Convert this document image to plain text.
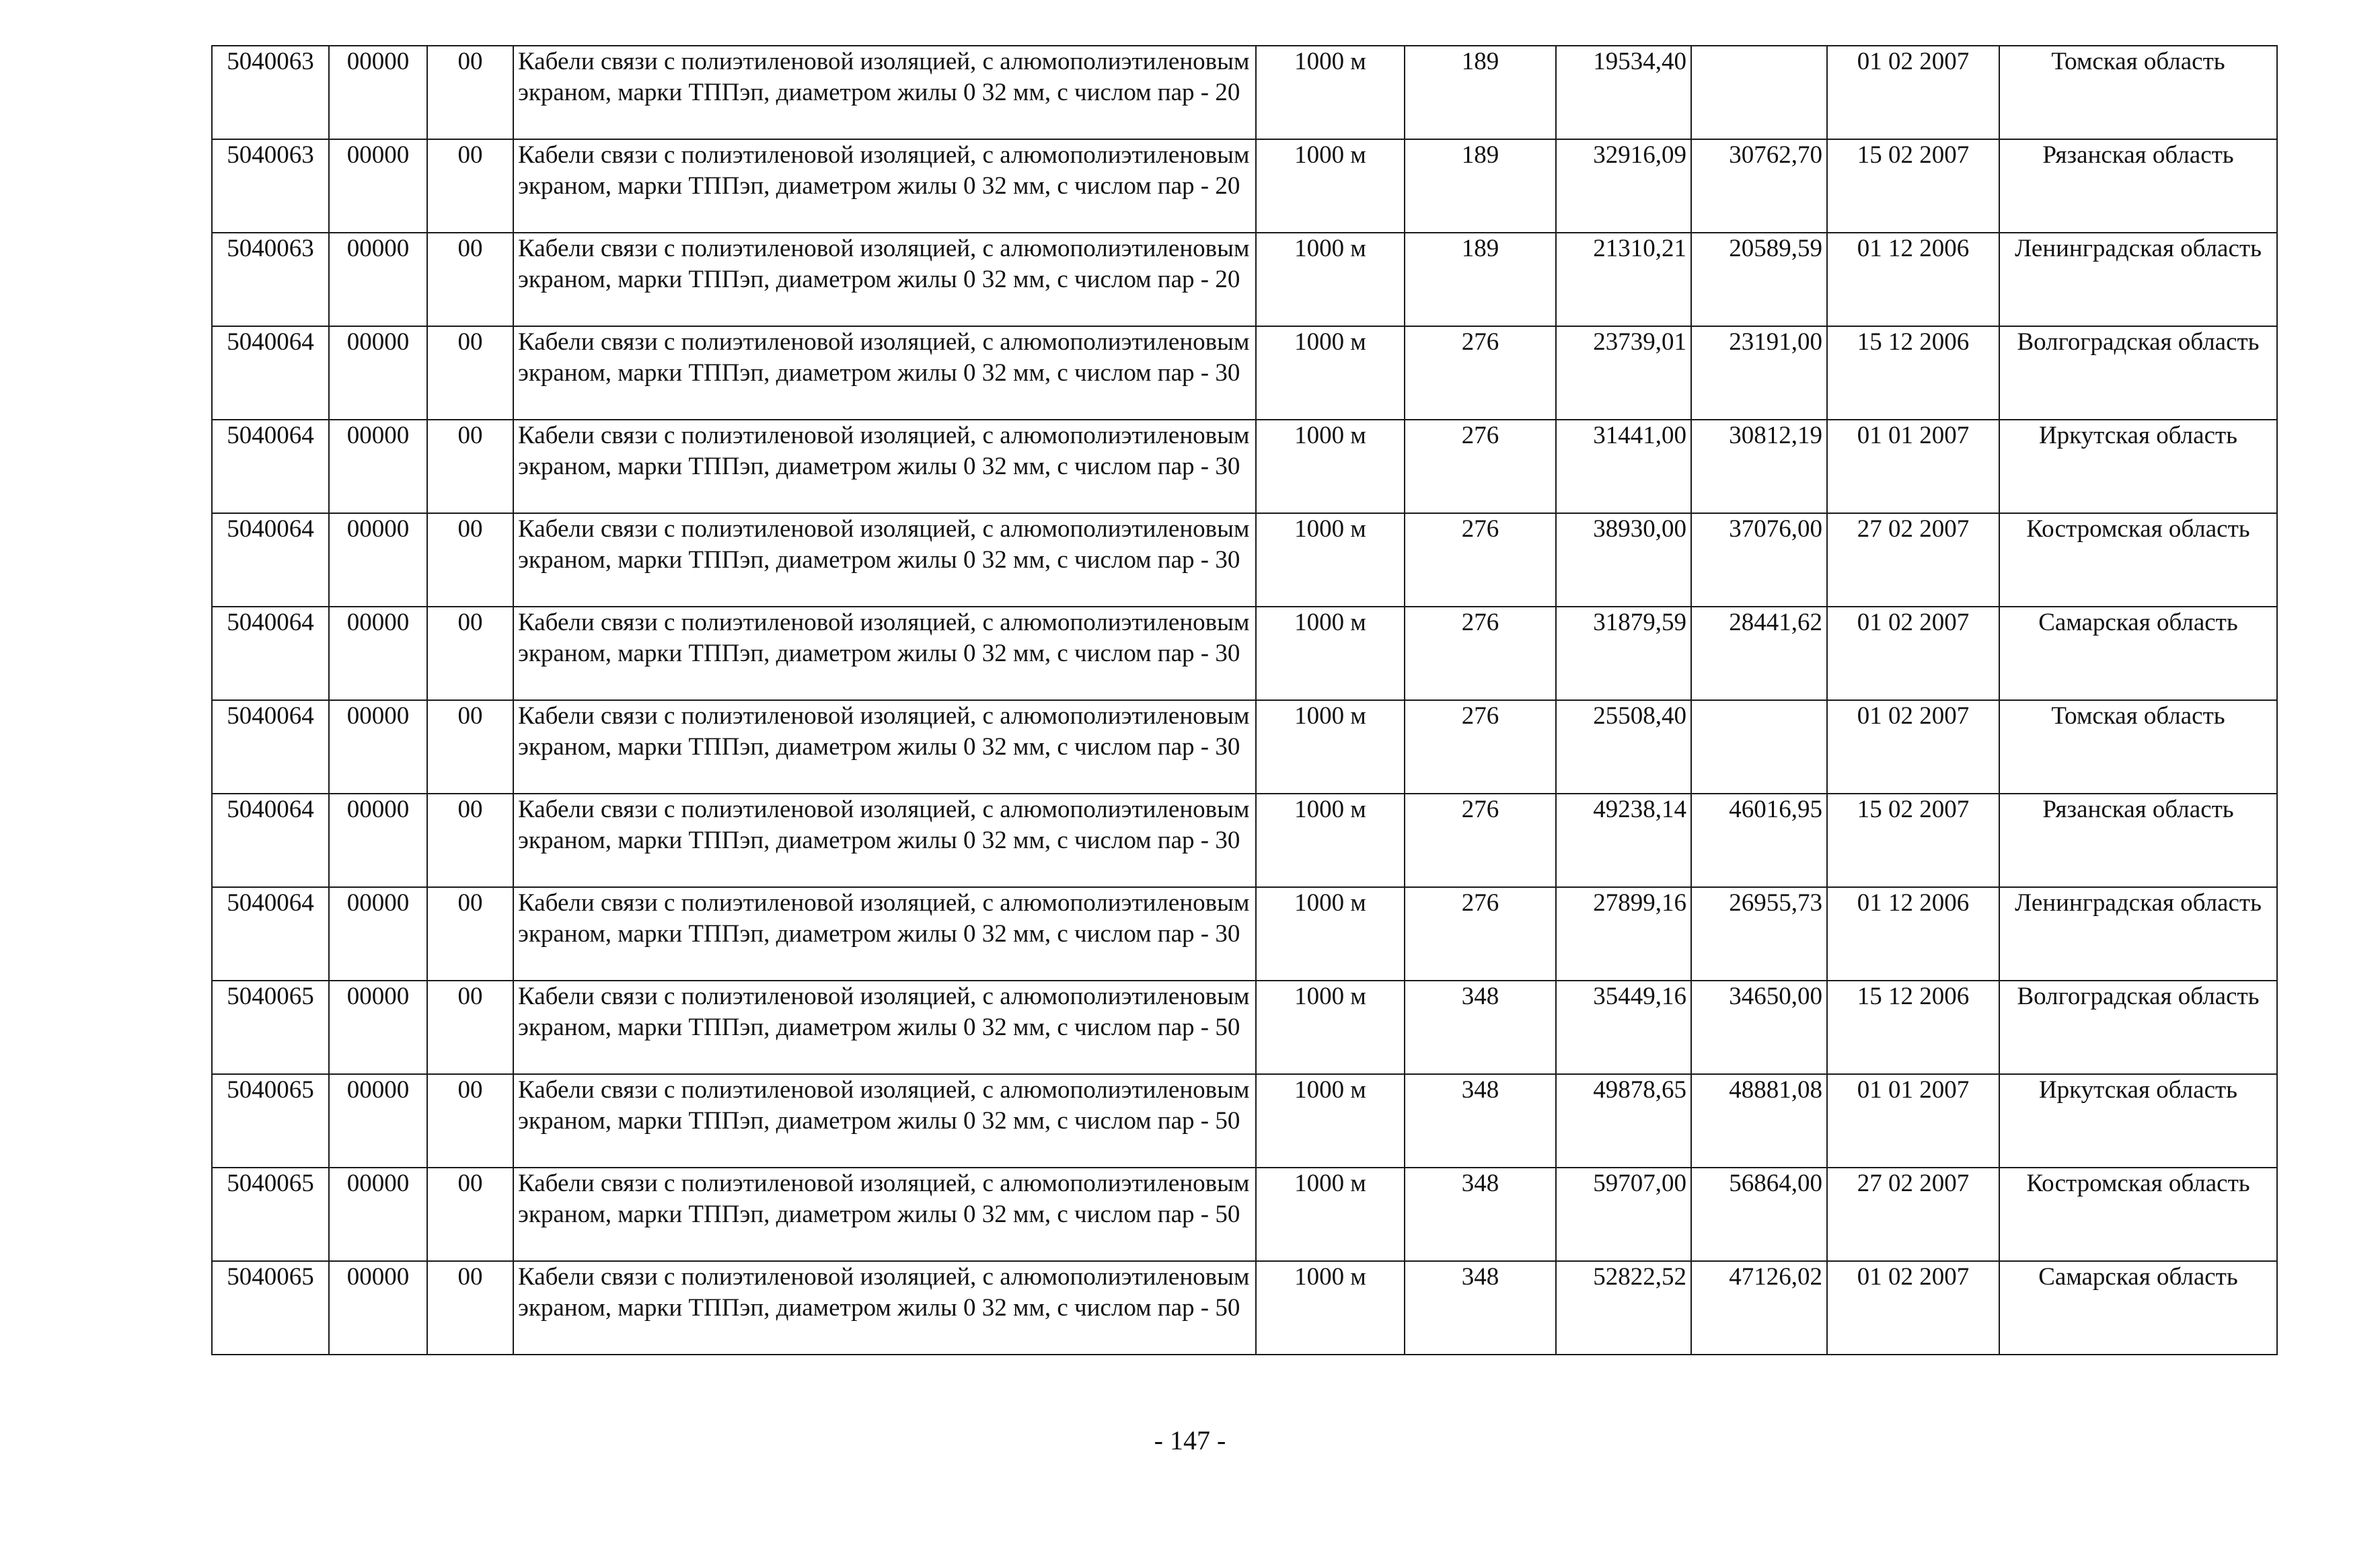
5040063	00000	00	Кабели связи с полиэтиленовой изоляцией, с алюмополиэтиленовым экраном, марки ТППэп, диаметром жилы 0 32 мм, с числом пар - 20	1000 м	189	19534,40		01 02 2007	Томская область
5040063	00000	00	Кабели связи с полиэтиленовой изоляцией, с алюмополиэтиленовым экраном, марки ТППэп, диаметром жилы 0 32 мм, с числом пар - 20	1000 м	189	32916,09	30762,70	15 02 2007	Рязанская область
5040063	00000	00	Кабели связи с полиэтиленовой изоляцией, с алюмополиэтиленовым экраном, марки ТППэп, диаметром жилы 0 32 мм, с числом пар - 20	1000 м	189	21310,21	20589,59	01 12 2006	Ленинградская область
5040064	00000	00	Кабели связи с полиэтиленовой изоляцией, с алюмополиэтиленовым экраном, марки ТППэп, диаметром жилы 0 32 мм, с числом пар - 30	1000 м	276	23739,01	23191,00	15 12 2006	Волгоградская область
5040064	00000	00	Кабели связи с полиэтиленовой изоляцией, с алюмополиэтиленовым экраном, марки ТППэп, диаметром жилы 0 32 мм, с числом пар - 30	1000 м	276	31441,00	30812,19	01 01 2007	Иркутская область
5040064	00000	00	Кабели связи с полиэтиленовой изоляцией, с алюмополиэтиленовым экраном, марки ТППэп, диаметром жилы 0 32 мм, с числом пар - 30	1000 м	276	38930,00	37076,00	27 02 2007	Костромская область
5040064	00000	00	Кабели связи с полиэтиленовой изоляцией, с алюмополиэтиленовым экраном, марки ТППэп, диаметром жилы 0 32 мм, с числом пар - 30	1000 м	276	31879,59	28441,62	01 02 2007	Самарская область
5040064	00000	00	Кабели связи с полиэтиленовой изоляцией, с алюмополиэтиленовым экраном, марки ТППэп, диаметром жилы 0 32 мм, с числом пар - 30	1000 м	276	25508,40		01 02 2007	Томская область
5040064	00000	00	Кабели связи с полиэтиленовой изоляцией, с алюмополиэтиленовым экраном, марки ТППэп, диаметром жилы 0 32 мм, с числом пар - 30	1000 м	276	49238,14	46016,95	15 02 2007	Рязанская область
5040064	00000	00	Кабели связи с полиэтиленовой изоляцией, с алюмополиэтиленовым экраном, марки ТППэп, диаметром жилы 0 32 мм, с числом пар - 30	1000 м	276	27899,16	26955,73	01 12 2006	Ленинградская область
5040065	00000	00	Кабели связи с полиэтиленовой изоляцией, с алюмополиэтиленовым экраном, марки ТППэп, диаметром жилы 0 32 мм, с числом пар - 50	1000 м	348	35449,16	34650,00	15 12 2006	Волгоградская область
5040065	00000	00	Кабели связи с полиэтиленовой изоляцией, с алюмополиэтиленовым экраном, марки ТППэп, диаметром жилы 0 32 мм, с числом пар - 50	1000 м	348	49878,65	48881,08	01 01 2007	Иркутская область
5040065	00000	00	Кабели связи с полиэтиленовой изоляцией, с алюмополиэтиленовым экраном, марки ТППэп, диаметром жилы 0 32 мм, с числом пар - 50	1000 м	348	59707,00	56864,00	27 02 2007	Костромская область
5040065	00000	00	Кабели связи с полиэтиленовой изоляцией, с алюмополиэтиленовым экраном, марки ТППэп, диаметром жилы 0 32 мм, с числом пар - 50	1000 м	348	52822,52	47126,02	01 02 2007	Самарская область
- 147 -
